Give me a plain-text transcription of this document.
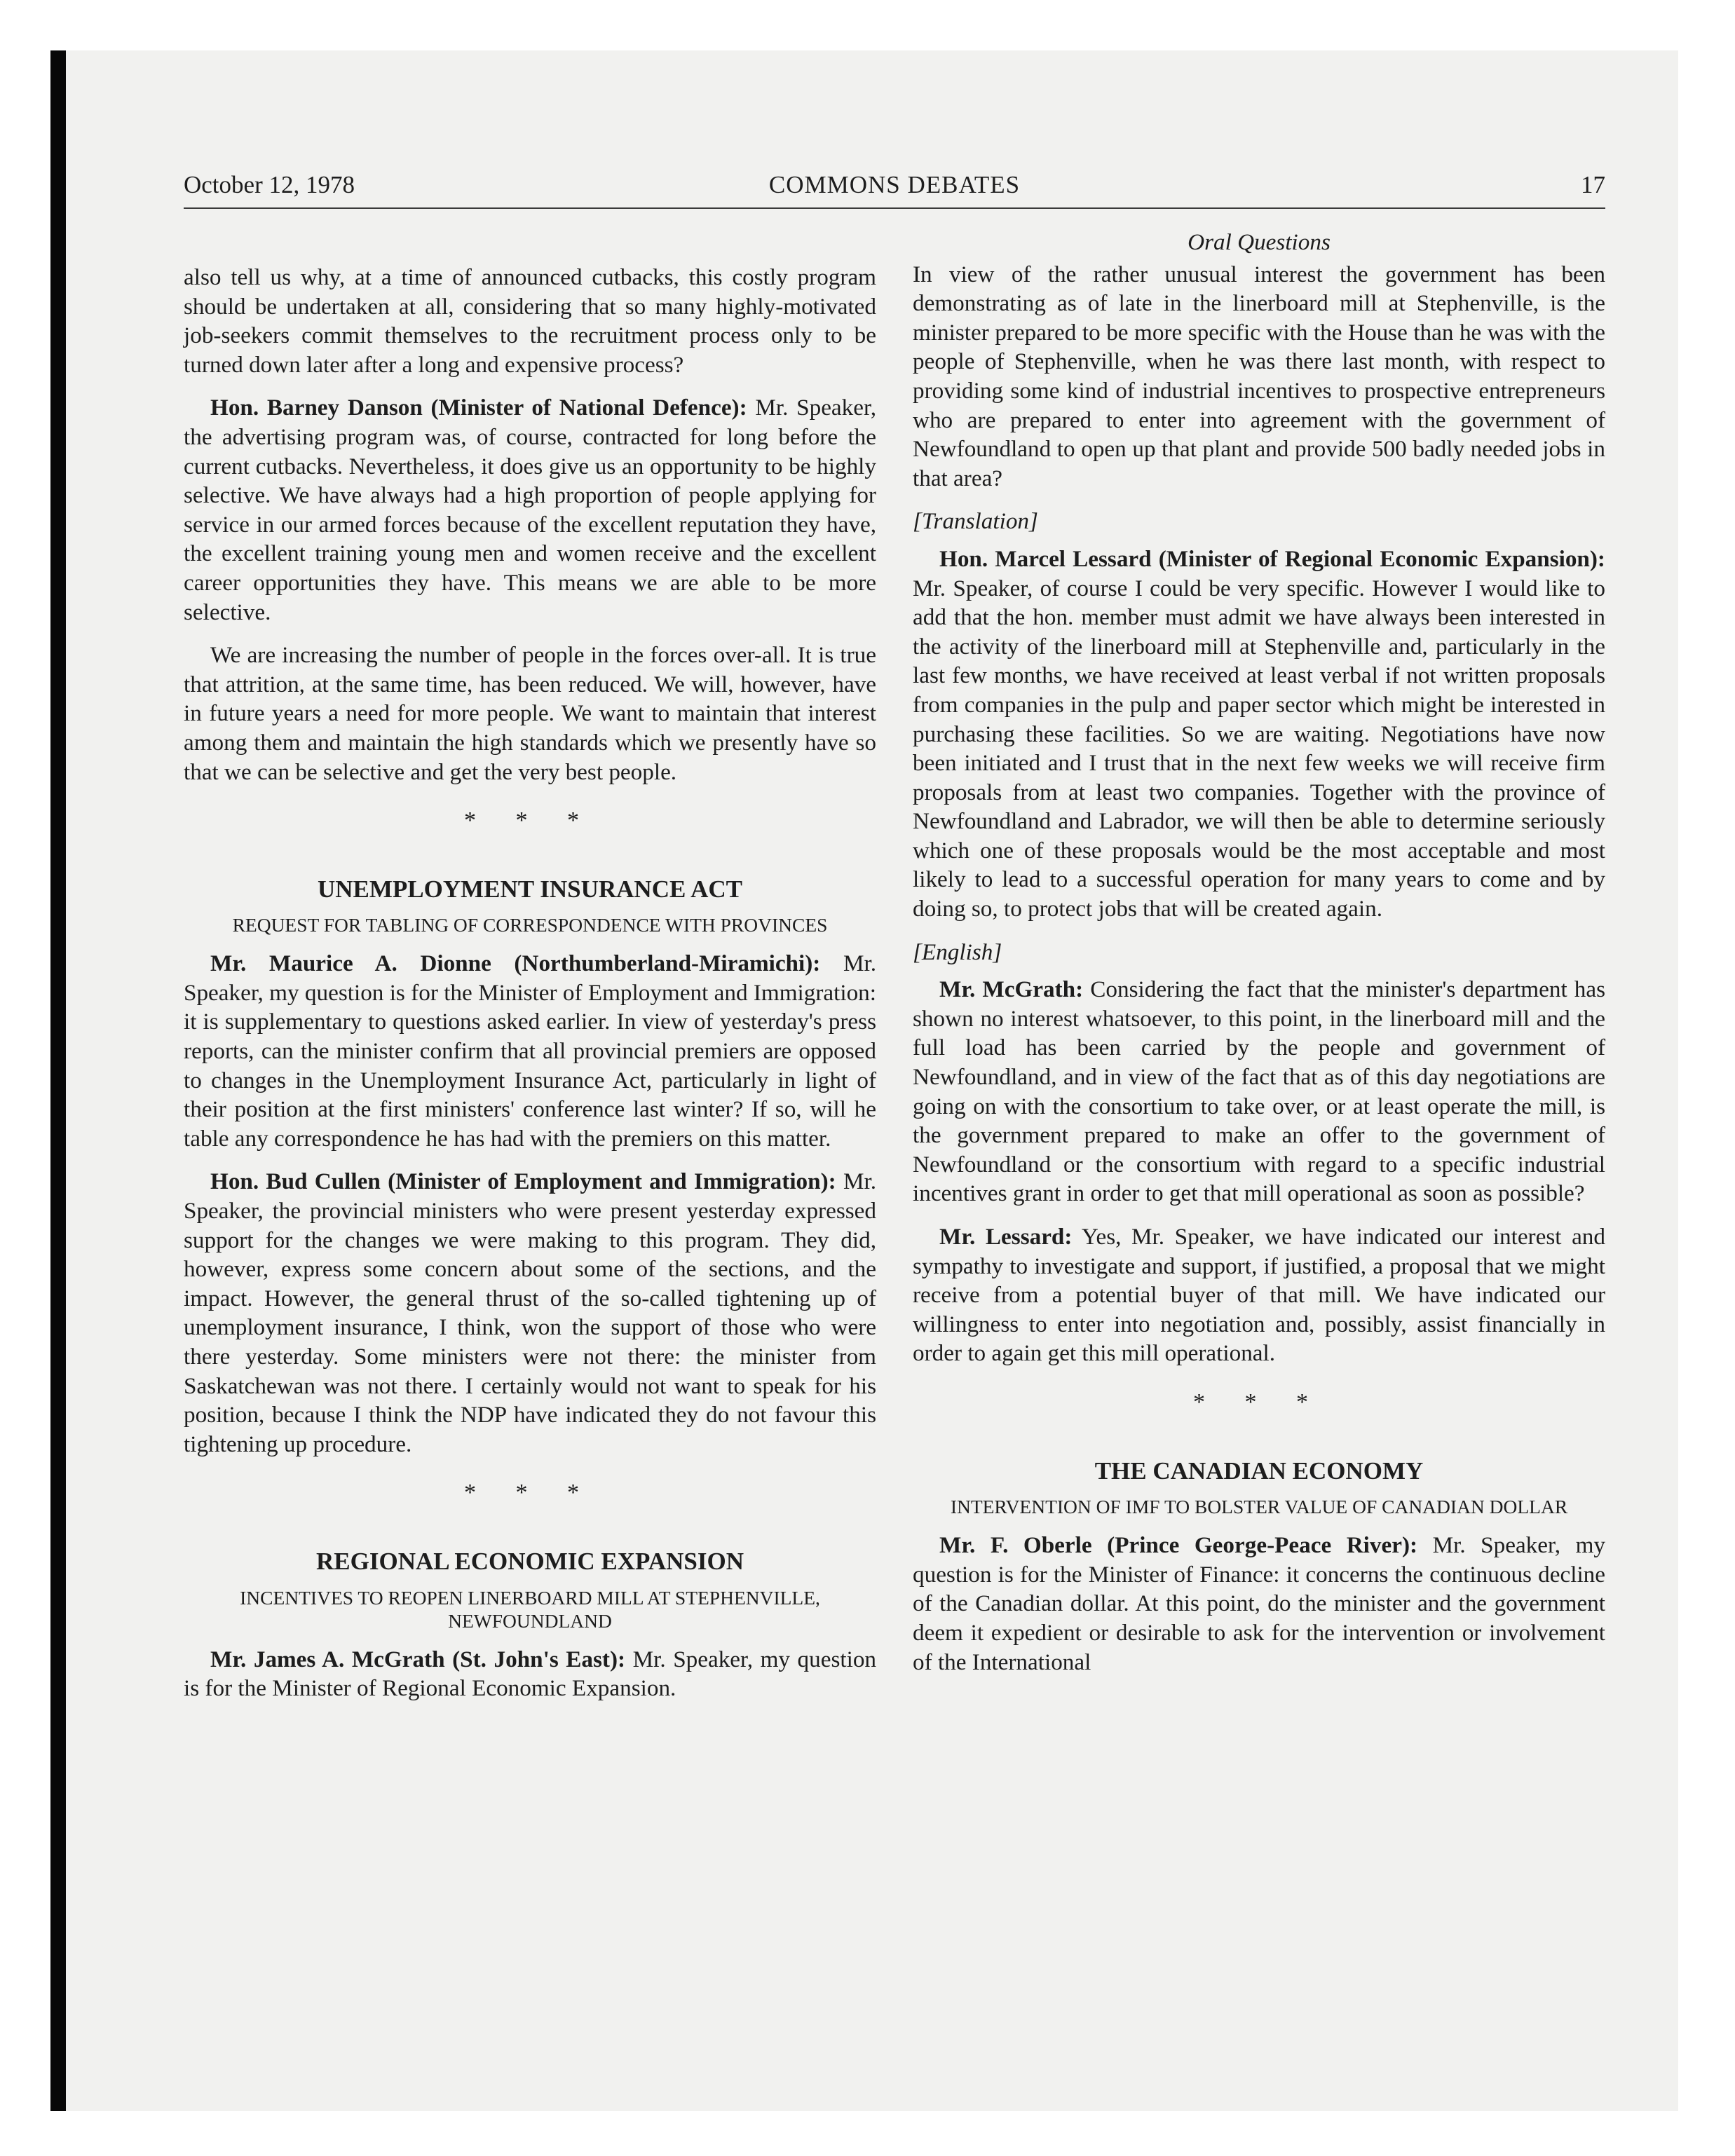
October 12, 1978	COMMONS DEBATES	17

also tell us why, at a time of announced cutbacks, this costly program should be undertaken at all, considering that so many highly-motivated job-seekers commit themselves to the recruitment process only to be turned down later after a long and expensive process?

Hon. Barney Danson (Minister of National Defence): Mr. Speaker, the advertising program was, of course, contracted for long before the current cutbacks. Nevertheless, it does give us an opportunity to be highly selective. We have always had a high proportion of people applying for service in our armed forces because of the excellent reputation they have, the excellent training young men and women receive and the excellent career opportunities they have. This means we are able to be more selective.

We are increasing the number of people in the forces over-all. It is true that attrition, at the same time, has been reduced. We will, however, have in future years a need for more people. We want to maintain that interest among them and maintain the high standards which we presently have so that we can be selective and get the very best people.

* * *
UNEMPLOYMENT INSURANCE ACT
REQUEST FOR TABLING OF CORRESPONDENCE WITH PROVINCES

Mr. Maurice A. Dionne (Northumberland-Miramichi): Mr. Speaker, my question is for the Minister of Employment and Immigration: it is supplementary to questions asked earlier. In view of yesterday's press reports, can the minister confirm that all provincial premiers are opposed to changes in the Unemployment Insurance Act, particularly in light of their position at the first ministers' conference last winter? If so, will he table any correspondence he has had with the premiers on this matter.

Hon. Bud Cullen (Minister of Employment and Immigration): Mr. Speaker, the provincial ministers who were present yesterday expressed support for the changes we were making to this program. They did, however, express some concern about some of the sections, and the impact. However, the general thrust of the so-called tightening up of unemployment insurance, I think, won the support of those who were there yesterday. Some ministers were not there: the minister from Saskatchewan was not there. I certainly would not want to speak for his position, because I think the NDP have indicated they do not favour this tightening up procedure.

* * *
REGIONAL ECONOMIC EXPANSION
INCENTIVES TO REOPEN LINERBOARD MILL AT STEPHENVILLE, NEWFOUNDLAND

Mr. James A. McGrath (St. John's East): Mr. Speaker, my question is for the Minister of Regional Economic Expansion.

Oral Questions

In view of the rather unusual interest the government has been demonstrating as of late in the linerboard mill at Stephenville, is the minister prepared to be more specific with the House than he was with the people of Stephenville, when he was there last month, with respect to providing some kind of industrial incentives to prospective entrepreneurs who are prepared to enter into agreement with the government of Newfoundland to open up that plant and provide 500 badly needed jobs in that area?

[Translation]

Hon. Marcel Lessard (Minister of Regional Economic Expansion): Mr. Speaker, of course I could be very specific. However I would like to add that the hon. member must admit we have always been interested in the activity of the linerboard mill at Stephenville and, particularly in the last few months, we have received at least verbal if not written proposals from companies in the pulp and paper sector which might be interested in purchasing these facilities. So we are waiting. Negotiations have now been initiated and I trust that in the next few weeks we will receive firm proposals from at least two companies. Together with the province of Newfoundland and Labrador, we will then be able to determine seriously which one of these proposals would be the most acceptable and most likely to lead to a successful operation for many years to come and by doing so, to protect jobs that will be created again.

[English]

Mr. McGrath: Considering the fact that the minister's department has shown no interest whatsoever, to this point, in the linerboard mill and the full load has been carried by the people and government of Newfoundland, and in view of the fact that as of this day negotiations are going on with the consortium to take over, or at least operate the mill, is the government prepared to make an offer to the government of Newfoundland or the consortium with regard to a specific industrial incentives grant in order to get that mill operational as soon as possible?

Mr. Lessard: Yes, Mr. Speaker, we have indicated our interest and sympathy to investigate and support, if justified, a proposal that we might receive from a potential buyer of that mill. We have indicated our willingness to enter into negotiation and, possibly, assist financially in order to again get this mill operational.

* * *
THE CANADIAN ECONOMY
INTERVENTION OF IMF TO BOLSTER VALUE OF CANADIAN DOLLAR

Mr. F. Oberle (Prince George-Peace River): Mr. Speaker, my question is for the Minister of Finance: it concerns the continuous decline of the Canadian dollar. At this point, do the minister and the government deem it expedient or desirable to ask for the intervention or involvement of the International
